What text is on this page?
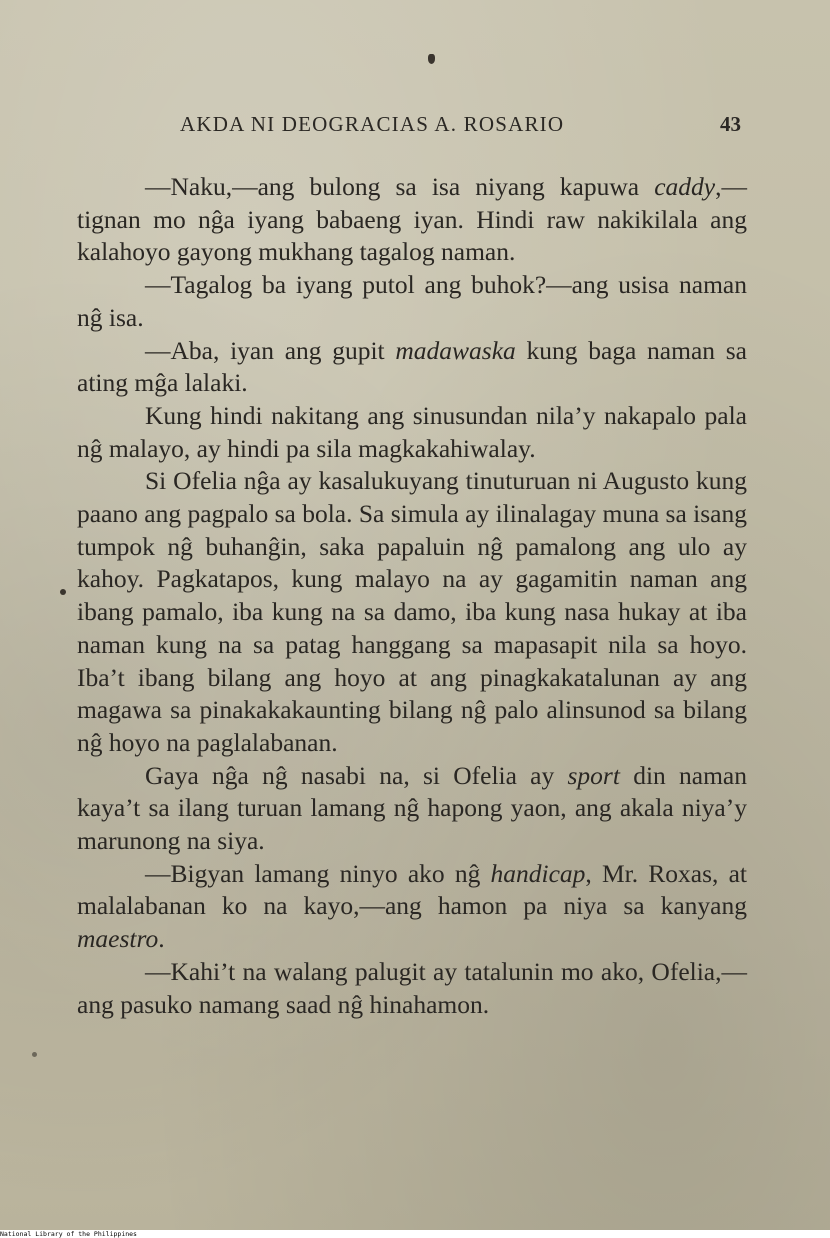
AKDA NI DEOGRACIAS A. ROSARIO	43

—Naku,—ang bulong sa isa niyang kapuwa caddy,—tignan mo nĝa iyang babaeng iyan. Hindi raw nakikilala ang kalahoyo gayong mukhang tagalog naman.

—Tagalog ba iyang putol ang buhok?—ang usisa naman nĝ isa.

—Aba, iyan ang gupit madawaska kung baga naman sa ating mĝa lalaki.

Kung hindi nakitang ang sinusundan nila’y nakapalo pala nĝ malayo, ay hindi pa sila magkakahiwalay.

Si Ofelia nĝa ay kasalukuyang tinuturuan ni Augusto kung paano ang pagpalo sa bola. Sa simula ay ilinalagay muna sa isang tumpok nĝ buhanĝin, saka papaluin nĝ pamalong ang ulo ay kahoy. Pagkatapos, kung malayo na ay gagamitin naman ang ibang pamalo, iba kung na sa damo, iba kung nasa hukay at iba naman kung na sa patag hanggang sa mapasapit nila sa hoyo. Iba’t ibang bilang ang hoyo at ang pinagkakatalunan ay ang magawa sa pinakakakaunting bilang nĝ palo alinsunod sa bilang nĝ hoyo na paglalabanan.

Gaya nĝa nĝ nasabi na, si Ofelia ay sport din naman kaya’t sa ilang turuan lamang nĝ hapong yaon, ang akala niya’y marunong na siya.

—Bigyan lamang ninyo ako nĝ handicap, Mr. Roxas, at malalabanan ko na kayo,—ang hamon pa niya sa kanyang maestro.

—Kahi’t na walang palugit ay tatalunin mo ako, Ofelia,—ang pasuko namang saad nĝ hinahamon.

National Library of the Philippines
